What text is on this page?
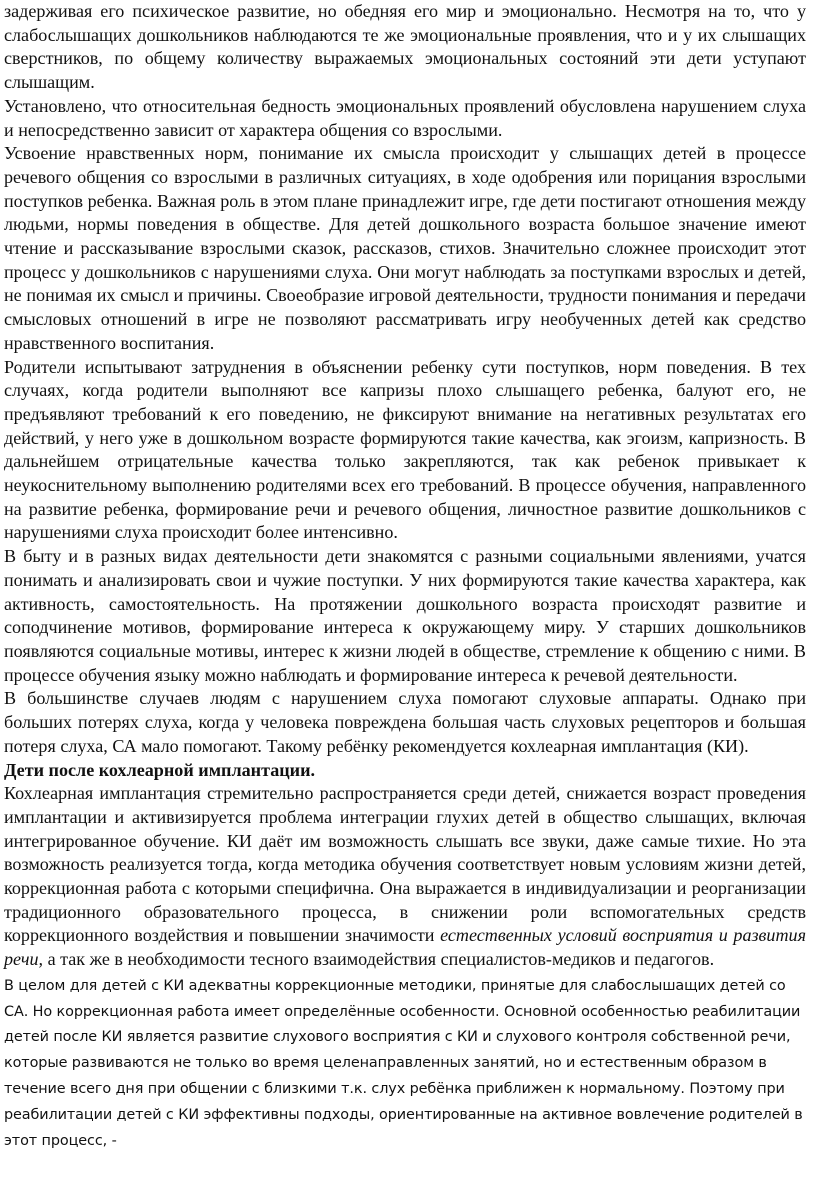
задерживая его психическое развитие, но обедняя его мир и эмоционально. Несмотря на то, что у слабослышащих дошкольников наблюдаются те же эмоциональные проявления, что и у их слышащих сверстников, по общему количеству выражаемых эмоциональных состояний эти дети уступают слышащим.

Установлено, что относительная бедность эмоциональных проявлений обусловлена нарушением слуха и непосредственно зависит от характера общения со взрослыми.

Усвоение нравственных норм, понимание их смысла происходит у слышащих детей в процессе речевого общения со взрослыми в различных ситуациях, в ходе одобрения или порицания взрослыми поступков ребенка. Важная роль в этом плане принадлежит игре, где дети постигают отношения между людьми, нормы поведения в обществе. Для детей дошкольного возраста большое значение имеют чтение и рассказывание взрослыми сказок, рассказов, стихов. Значительно сложнее происходит этот процесс у дошкольников с нарушениями слуха. Они могут наблюдать за поступками взрослых и детей, не понимая их смысл и причины. Своеобразие игровой деятельности, трудности понимания и передачи смысловых отношений в игре не позволяют рассматривать игру необученных детей как средство нравственного воспитания.

Родители испытывают затруднения в объяснении ребенку сути поступков, норм поведения. В тех случаях, когда родители выполняют все капризы плохо слышащего ребенка, балуют его, не предъявляют требований к его поведению, не фиксируют внимание на негативных результатах его действий, у него уже в дошкольном возрасте формируются такие качества, как эгоизм, капризность. В дальнейшем отрицательные качества только закрепляются, так как ребенок привыкает к неукоснительному выполнению родителями всех его требований. В процессе обучения, направленного на развитие ребенка, формирование речи и речевого общения, личностное развитие дошкольников с нарушениями слуха происходит более интенсивно.

В быту и в разных видах деятельности дети знакомятся с разными социальными явлениями, учатся понимать и анализировать свои и чужие поступки. У них формируются такие качества характера, как активность, самостоятельность. На протяжении дошкольного возраста происходят развитие и соподчинение мотивов, формирование интереса к окружающему миру. У старших дошкольников появляются социальные мотивы, интерес к жизни людей в обществе, стремление к общению с ними. В процессе обучения языку можно наблюдать и формирование интереса к речевой деятельности.

В большинстве случаев людям с нарушением слуха помогают слуховые аппараты. Однако при больших потерях слуха, когда у человека повреждена большая часть слуховых рецепторов и большая потеря слуха, СА мало помогают. Такому ребёнку рекомендуется кохлеарная имплантация (КИ).

Дети после кохлеарной имплантации.

Кохлеарная имплантация стремительно распространяется среди детей, снижается возраст проведения имплантации и активизируется проблема интеграции глухих детей в общество слышащих, включая интегрированное обучение. КИ даёт им возможность слышать все звуки, даже самые тихие. Но эта возможность реализуется тогда, когда методика обучения соответствует новым условиям жизни детей, коррекционная работа с которыми специфична. Она выражается в индивидуализации и реорганизации традиционного образовательного процесса, в снижении роли вспомогательных средств коррекционного воздействия и повышении значимости естественных условий восприятия и развития речи, а так же в необходимости тесного взаимодействия специалистов-медиков и педагогов.

В целом для детей с КИ адекватны коррекционные методики, принятые для слабослышащих детей со СА. Но коррекционная работа имеет определённые особенности. Основной особенностью реабилитации детей после КИ является развитие слухового восприятия с КИ и слухового контроля собственной речи, которые развиваются не только во время целенаправленных занятий, но и естественным образом в течение всего дня при общении с близкими т.к. слух ребёнка приближен к нормальному. Поэтому при реабилитации детей с КИ эффективны подходы, ориентированные на активное вовлечение родителей в этот процесс, -
